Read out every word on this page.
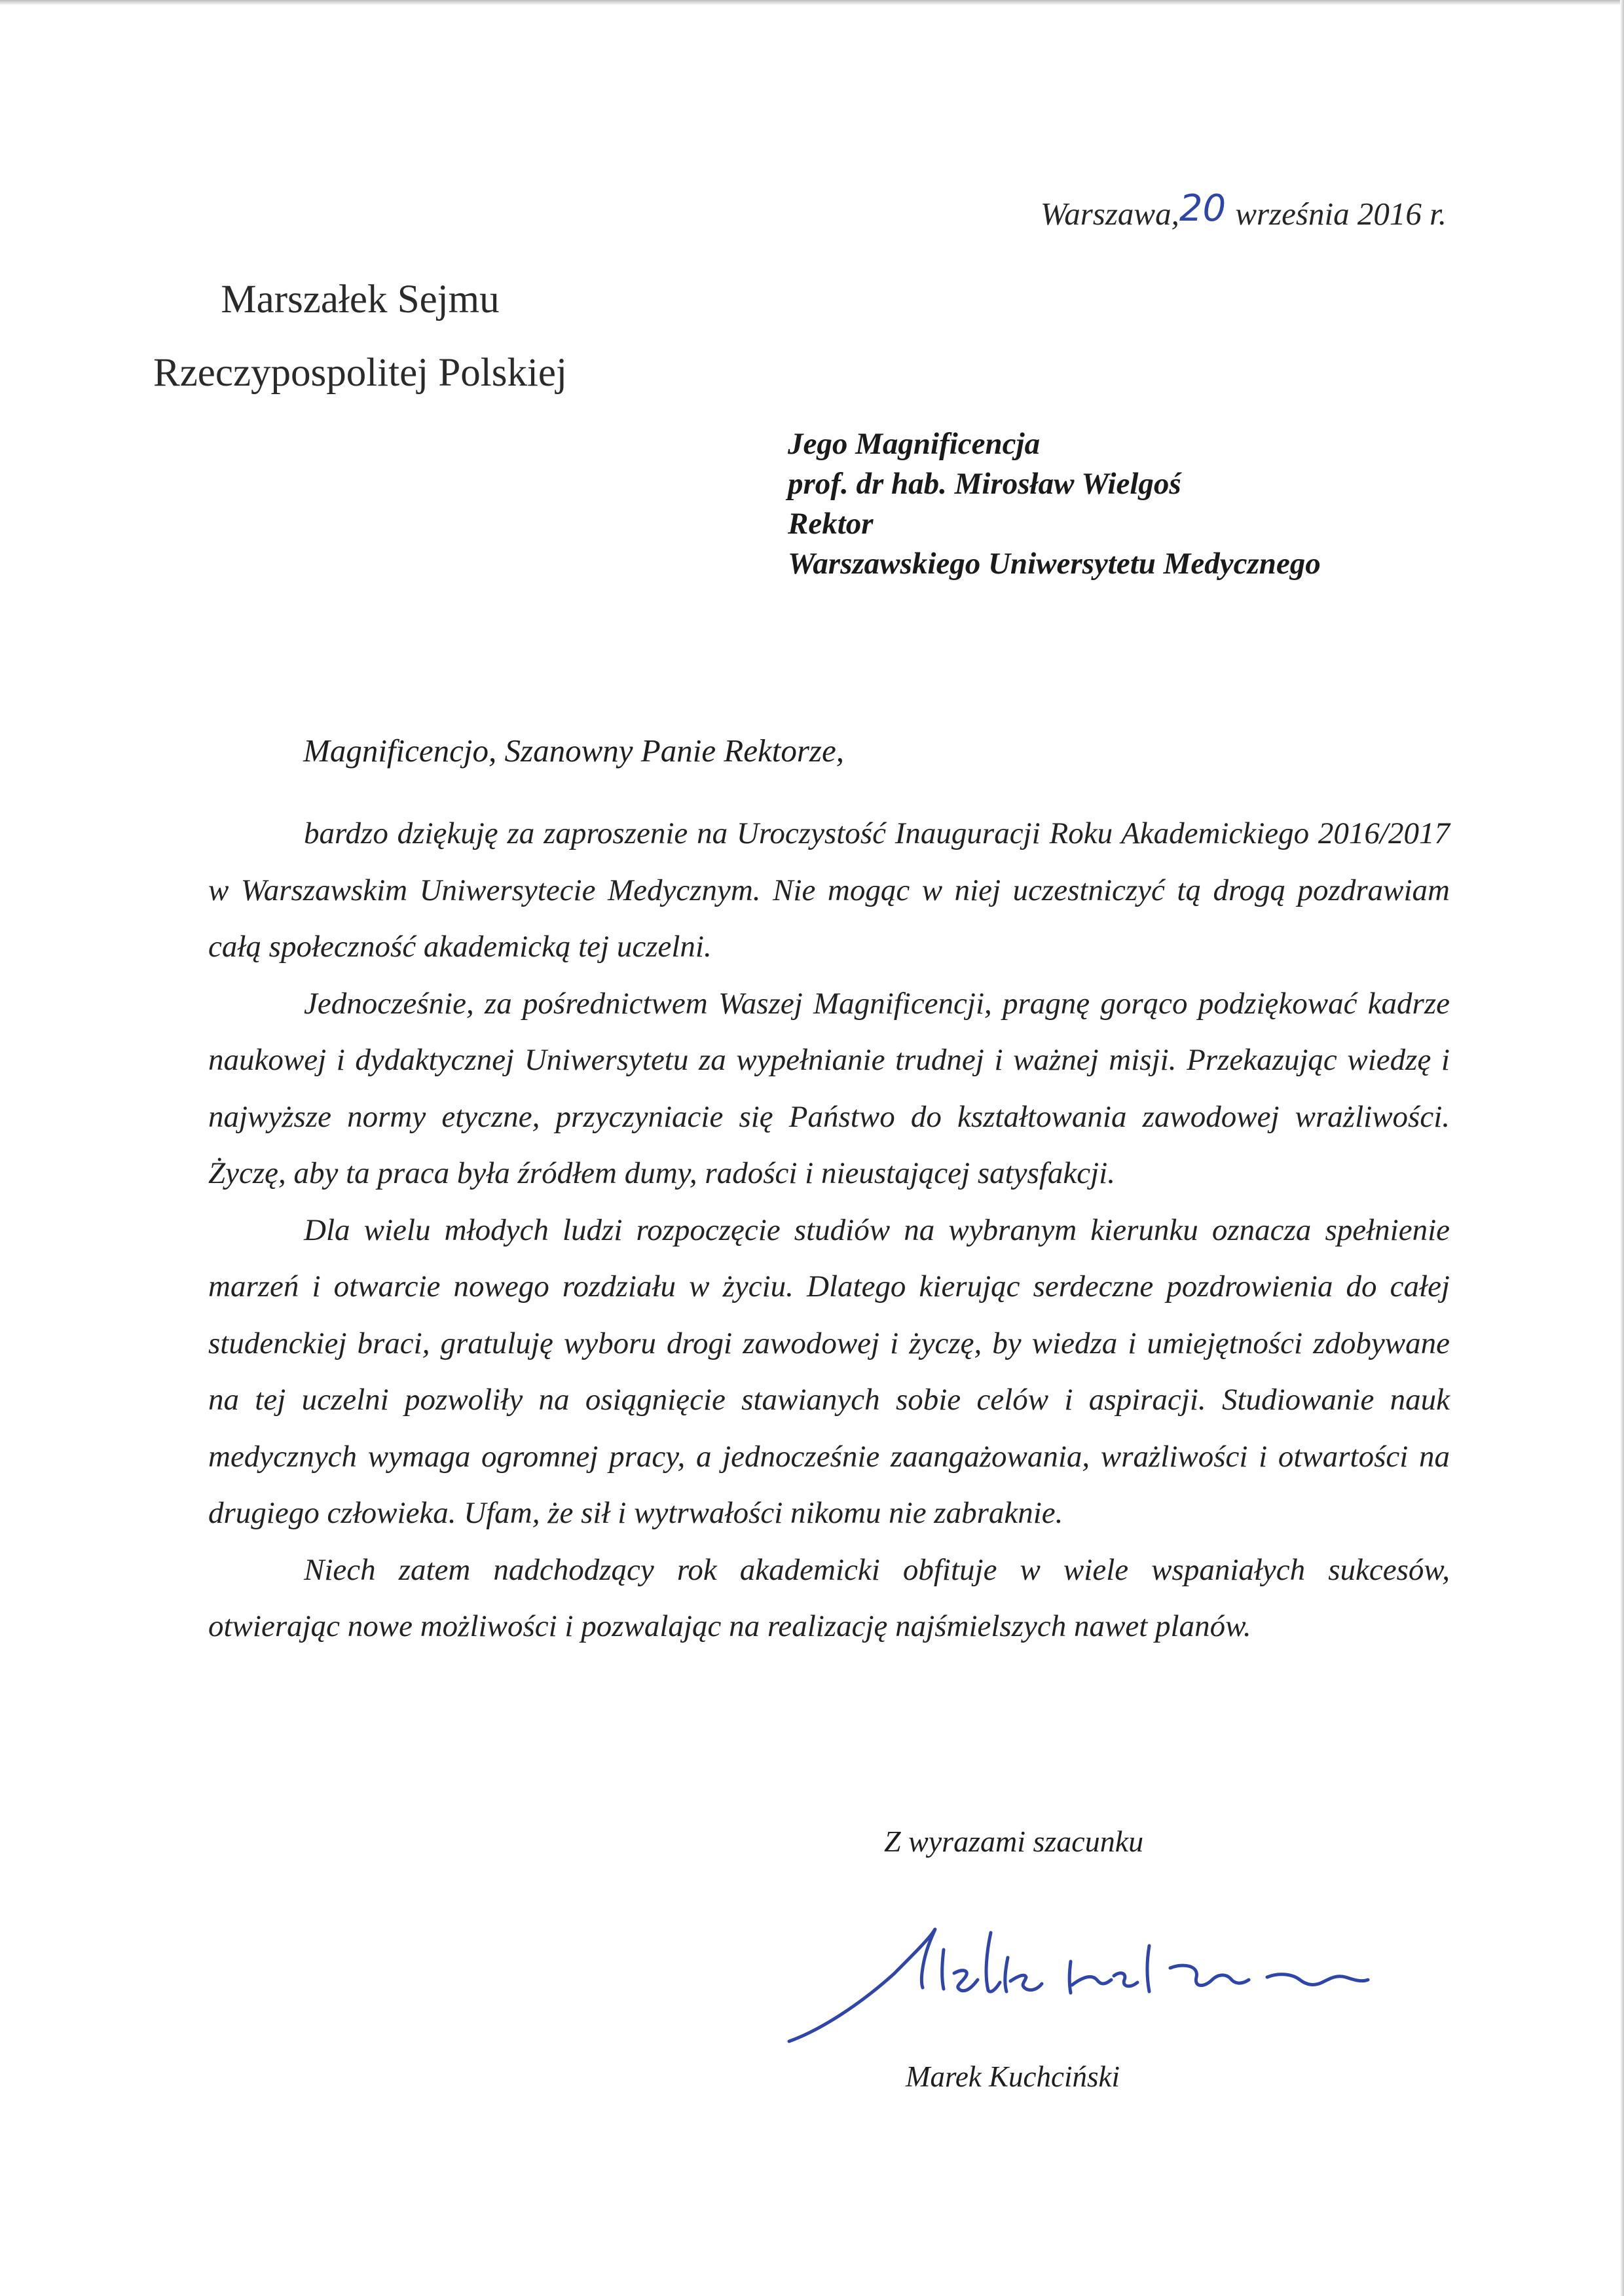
Warszawa,20 września 2016 r.
Marszałek Sejmu
Rzeczypospolitej Polskiej
Jego Magnificencja
prof. dr hab. Mirosław Wielgoś
Rektor
Warszawskiego Uniwersytetu Medycznego
Magnificencjo, Szanowny Panie Rektorze,

bardzo dziękuję za zaproszenie na Uroczystość Inauguracji Roku Akademickiego 2016/2017 w Warszawskim Uniwersytecie Medycznym. Nie mogąc w niej uczestniczyć tą drogą pozdrawiam całą społeczność akademicką tej uczelni.

Jednocześnie, za pośrednictwem Waszej Magnificencji, pragnę gorąco podziękować kadrze naukowej i dydaktycznej Uniwersytetu za wypełnianie trudnej i ważnej misji. Przekazując wiedzę i najwyższe normy etyczne, przyczyniacie się Państwo do kształtowania zawodowej wrażliwości. Życzę, aby ta praca była źródłem dumy, radości i nieustającej satysfakcji.

Dla wielu młodych ludzi rozpoczęcie studiów na wybranym kierunku oznacza spełnienie marzeń i otwarcie nowego rozdziału w życiu. Dlatego kierując serdeczne pozdrowienia do całej studenckiej braci, gratuluję wyboru drogi zawodowej i życzę, by wiedza i umiejętności zdobywane na tej uczelni pozwoliły na osiągnięcie stawianych sobie celów i aspiracji. Studiowanie nauk medycznych wymaga ogromnej pracy, a jednocześnie zaangażowania, wrażliwości i otwartości na drugiego człowieka. Ufam, że sił i wytrwałości nikomu nie zabraknie.

Niech zatem nadchodzący rok akademicki obfituje w wiele wspaniałych sukcesów, otwierając nowe możliwości i pozwalając na realizację najśmielszych nawet planów.

Z wyrazami szacunku
Marek Kuchciński
